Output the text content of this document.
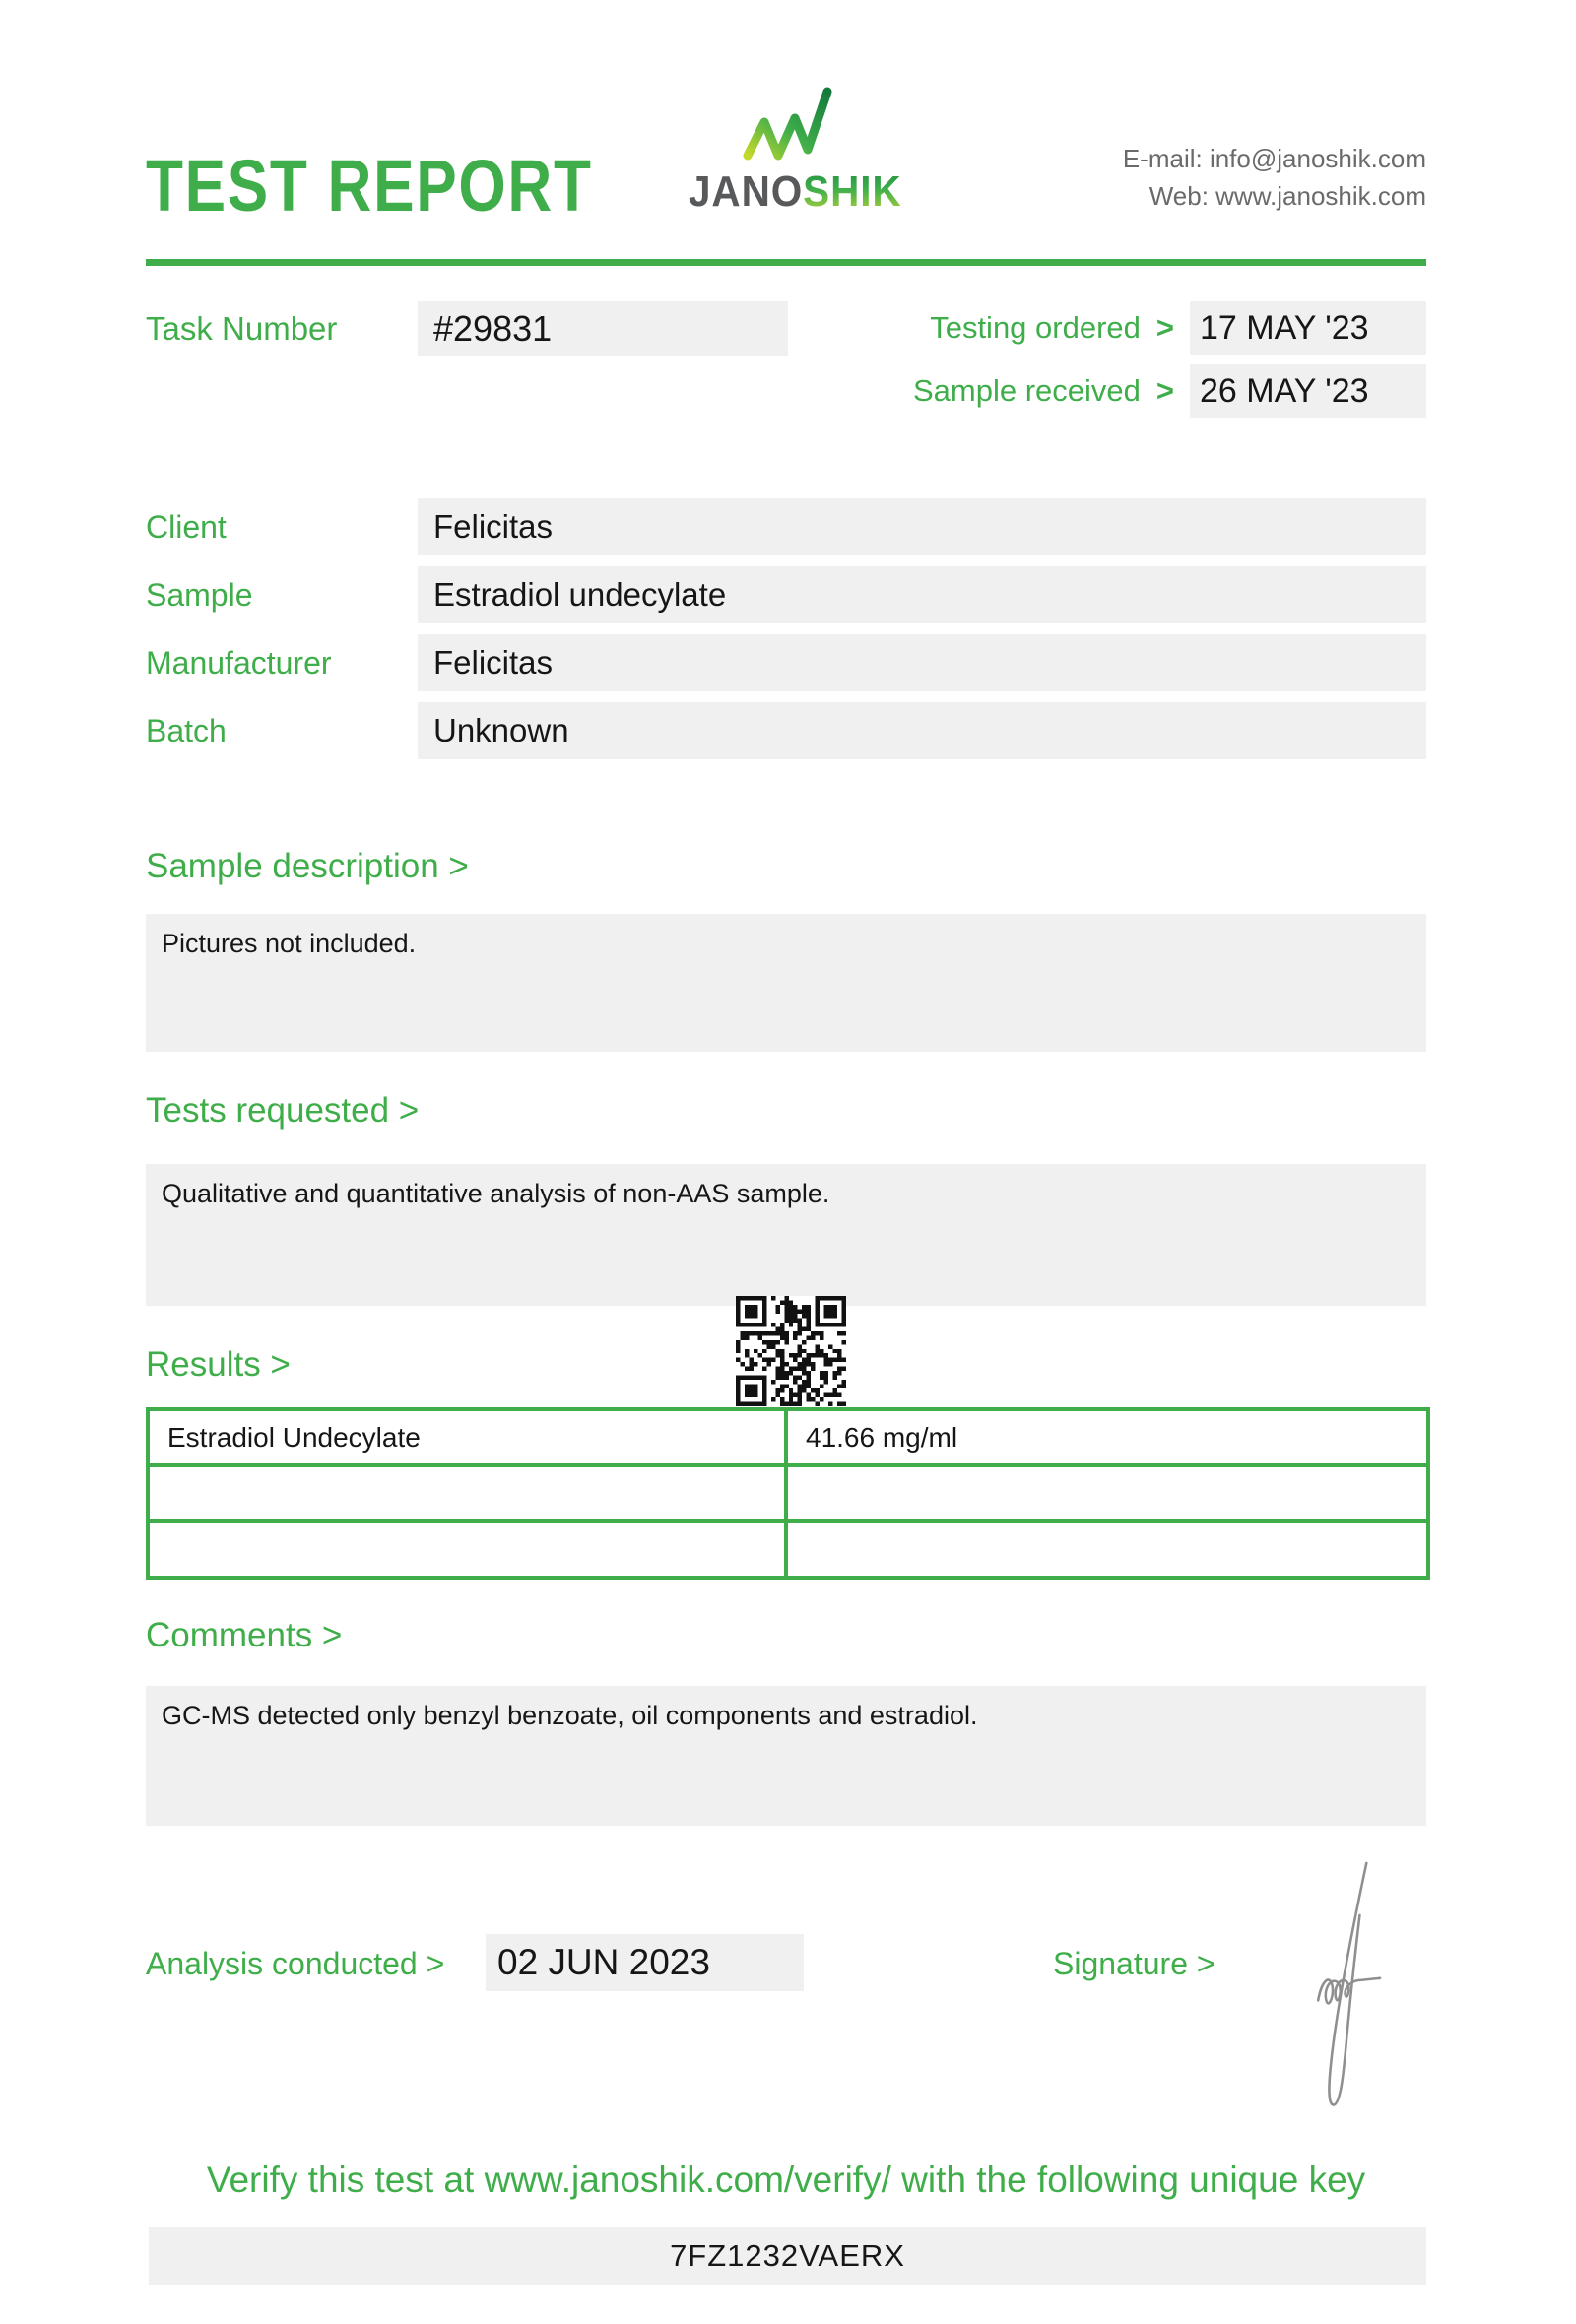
TEST REPORT JANOSHIK
E-mail: info@janoshik.com
Web: www.janoshik.com
Task Number	#29831	Testing ordered > 17 MAY '23
Sample received > 26 MAY '23
Client	Felicitas
Sample	Estradiol undecylate
Manufacturer	Felicitas
Batch	Unknown
Sample description >
Pictures not included.
Tests requested >
Qualitative and quantitative analysis of non-AAS sample.
Results >
Estradiol Undecylate	41.66 mg/ml

Comments >
GC-MS detected only benzyl benzoate, oil components and estradiol.
Analysis conducted >	02 JUN 2023	Signature >
Verify this test at www.janoshik.com/verify/ with the following unique key
7FZ1232VAERX
